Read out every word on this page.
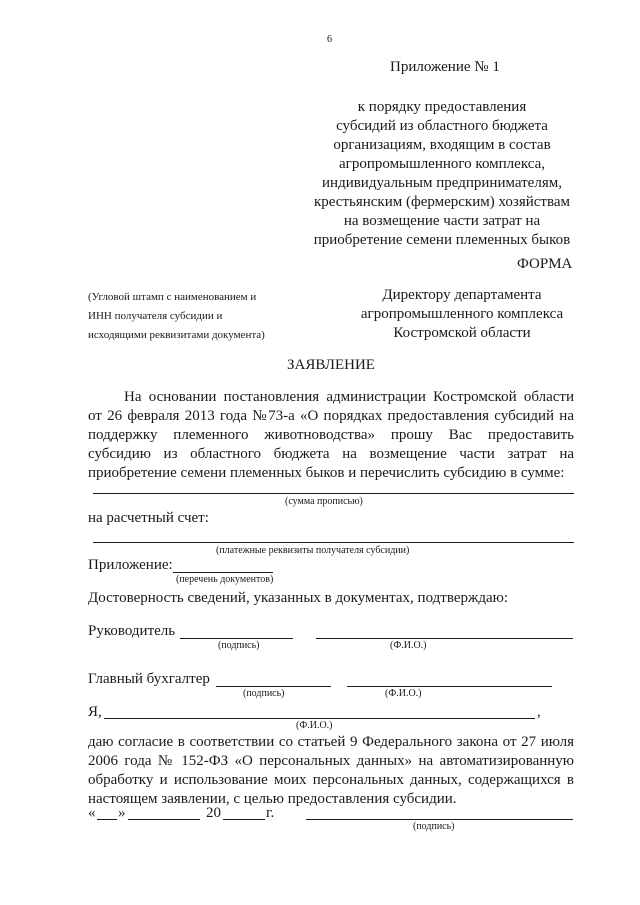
6
Приложение № 1
к порядку предоставления
субсидий из областного бюджета
организациям, входящим в состав
агропромышленного комплекса,
индивидуальным предпринимателям,
крестьянским (фермерским) хозяйствам
на возмещение части затрат на
приобретение семени племенных быков
ФОРМА
(Угловой штамп с наименованием и
ИНН получателя субсидии и
исходящими реквизитами документа)
Директору департамента
агропромышленного комплекса
Костромской области
ЗАЯВЛЕНИЕ
На основании постановления администрации Костромской области
от 26 февраля 2013 года №73-а «О порядках предоставления субсидий на
поддержку племенного животноводства» прошу Вас предоставить
субсидию из областного бюджета на возмещение части затрат на
приобретение семени племенных быков и перечислить субсидию в сумме:
(сумма прописью)
на расчетный счет:
(платежные реквизиты получателя субсидии)
Приложение:
(перечень документов)
Достоверность сведений, указанных в документах, подтверждаю:
Руководитель
(подпись)	(Ф.И.О.)
Главный бухгалтер
(подпись)	(Ф.И.О.)
Я,	,
(Ф.И.О.)
даю согласие в соответствии со статьей 9 Федерального закона от 27 июля
2006 года № 152-ФЗ «О персональных данных» на автоматизированную
обработку и использование моих персональных данных, содержащихся в
настоящем заявлении, с целью предоставления субсидии.
« »	20	г.
(подпись)
